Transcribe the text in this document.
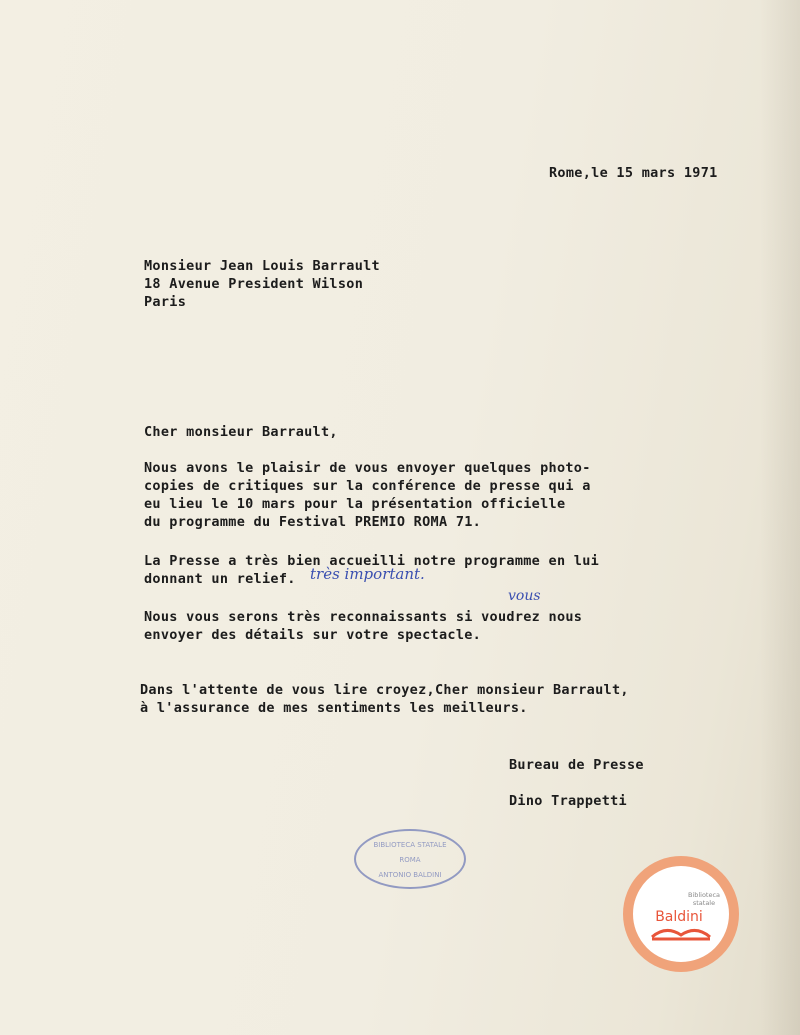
Rome,le 15 mars 1971
Monsieur Jean Louis Barrault
18 Avenue President Wilson
Paris
Cher monsieur Barrault,
Nous avons le plaisir de vous envoyer quelques photo-
copies de critiques sur la conférence de presse qui a
eu lieu le 10 mars pour la présentation officielle
du programme du Festival PREMIO ROMA 71.
La Presse a très bien accueilli notre programme en lui
donnant un relief. très important.
vous
Nous vous serons très reconnaissants si voudrez nous
envoyer des détails sur votre spectacle.
Dans l'attente de vous lire croyez,Cher monsieur Barrault,
à l'assurance de mes sentiments les meilleurs.
Bureau de Presse
Dino Trappetti
BIBLIOTECA STATALE
ROMA
ANTONIO BALDINI
Biblioteca
statale
Baldini
